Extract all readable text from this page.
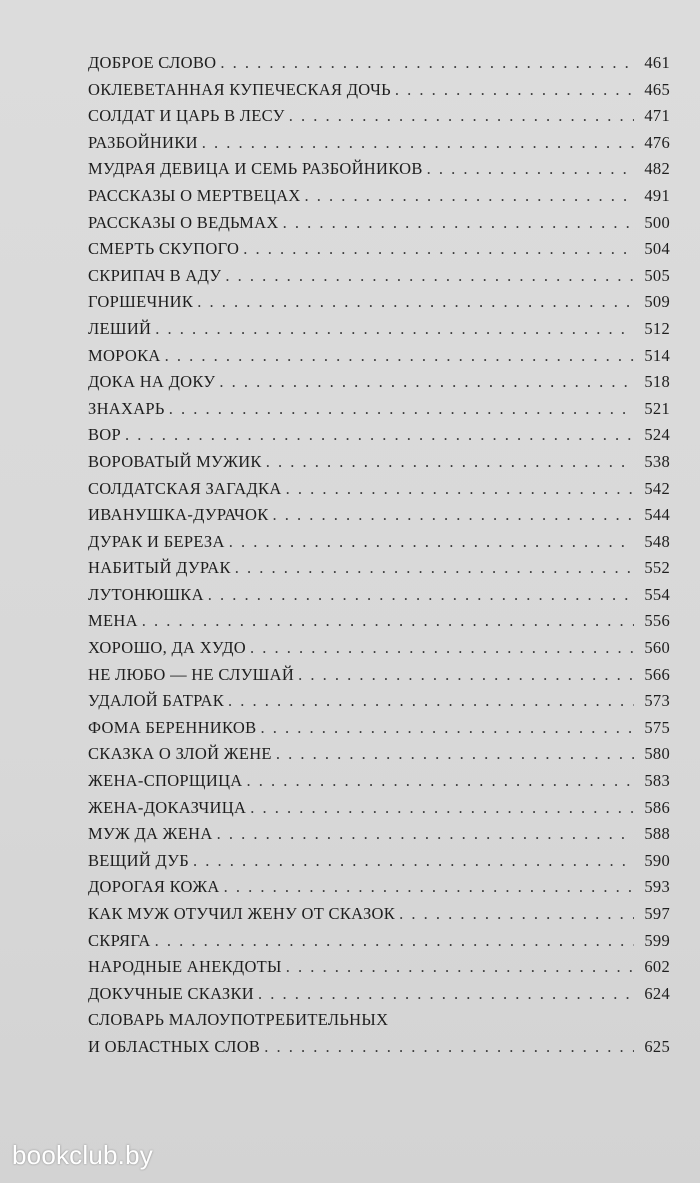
ДОБРОЕ СЛОВО . . .	461
ОКЛЕВЕТАННАЯ КУПЕЧЕСКАЯ ДОЧЬ . . .	465
СОЛДАТ И ЦАРЬ В ЛЕСУ . . .	471
РАЗБОЙНИКИ . . .	476
МУДРАЯ ДЕВИЦА И СЕМЬ РАЗБОЙНИКОВ . . .	482
РАССКАЗЫ О МЕРТВЕЦАХ . . .	491
РАССКАЗЫ О ВЕДЬМАХ . . .	500
СМЕРТЬ СКУПОГО . . .	504
СКРИПАЧ В АДУ . . .	505
ГОРШЕЧНИК . . .	509
ЛЕШИЙ . . .	512
МОРОКА . . .	514
ДОКА НА ДОКУ . . .	518
ЗНАХАРЬ . . .	521
ВОР . . .	524
ВОРОВАТЫЙ МУЖИК . . .	538
СОЛДАТСКАЯ ЗАГАДКА . . .	542
ИВАНУШКА-ДУРАЧОК . . .	544
ДУРАК И БЕРЕЗА . . .	548
НАБИТЫЙ ДУРАК . . .	552
ЛУТОНЮШКА . . .	554
МЕНА . . .	556
ХОРОШО, ДА ХУДО . . .	560
НЕ ЛЮБО — НЕ СЛУШАЙ . . .	566
УДАЛОЙ БАТРАК . . .	573
ФОМА БЕРЕННИКОВ . . .	575
СКАЗКА О ЗЛОЙ ЖЕНЕ . . .	580
ЖЕНА-СПОРЩИЦА . . .	583
ЖЕНА-ДОКАЗЧИЦА . . .	586
МУЖ ДА ЖЕНА . . .	588
ВЕЩИЙ ДУБ . . .	590
ДОРОГАЯ КОЖА . . .	593
КАК МУЖ ОТУЧИЛ ЖЕНУ ОТ СКАЗОК . . .	597
СКРЯГА . . .	599
НАРОДНЫЕ АНЕКДОТЫ . . .	602
ДОКУЧНЫЕ СКАЗКИ . . .	624
СЛОВАРЬ МАЛОУПОТРЕБИТЕЛЬНЫХ
И ОБЛАСТНЫХ СЛОВ . . .	625
bookclub.by
